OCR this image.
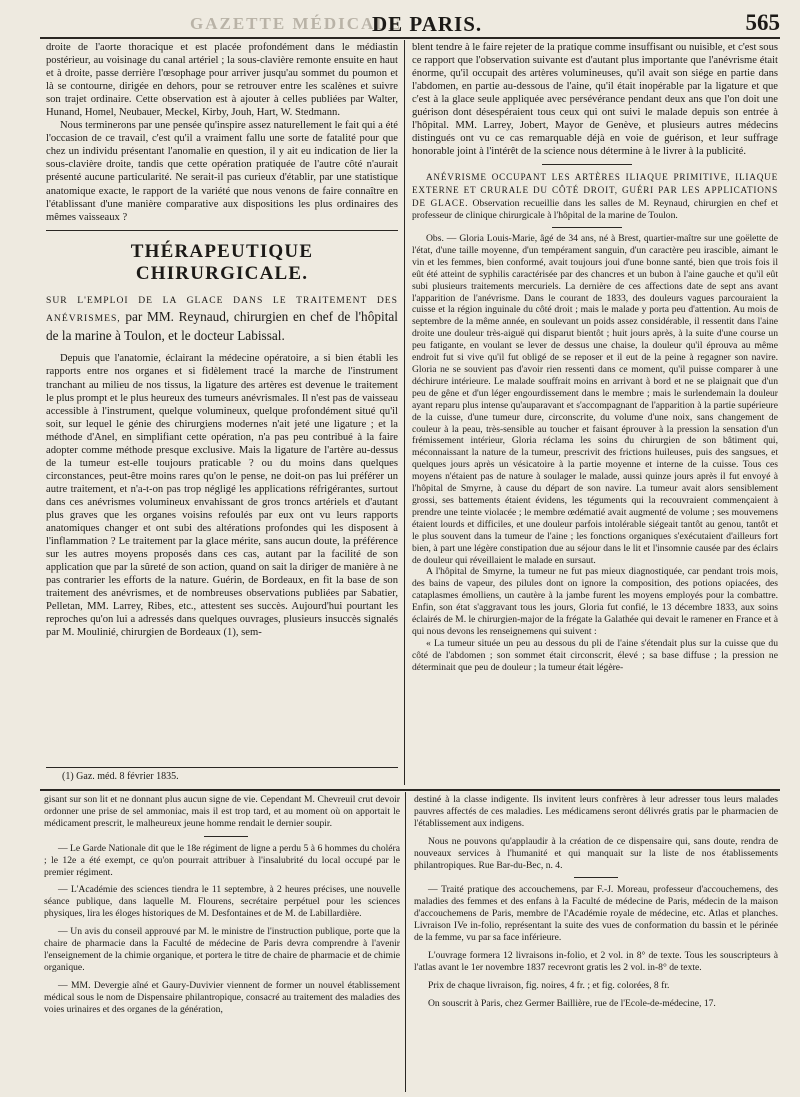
GAZETTE MÉDICALE
DE PARIS.	565

droite de l'aorte thoracique et est placée profondément dans le médiastin postérieur, au voisinage du canal artériel ; la sous-clavière remonte ensuite en haut et à droite, passe derrière l'œsophage pour arriver jusqu'au sommet du poumon et là se contourne, dirigée en dehors, pour se retrouver entre les scalènes et suivre son trajet ordinaire. Cette observation est à ajouter à celles publiées par Walter, Hunand, Homel, Neubauer, Meckel, Kirby, Jouh, Hart, W. Stedmann.

Nous terminerons par une pensée qu'inspire assez naturellement le fait qui a été l'occasion de ce travail, c'est qu'il a vraiment fallu une sorte de fatalité pour que chez un individu présentant l'anomalie en question, il y ait eu indication de lier la sous-clavière droite, tandis que cette opération pratiquée de l'autre côté n'aurait présenté aucune particularité. Ne serait-il pas curieux d'établir, par une statistique anatomique exacte, le rapport de la variété que nous venons de faire connaître en l'établissant d'une manière comparative aux dispositions les plus ordinaires des mêmes vaisseaux ?

THÉRAPEUTIQUE CHIRURGICALE.
SUR L'EMPLOI DE LA GLACE DANS LE TRAITEMENT DES ANÉVRISMES, par MM. Reynaud, chirurgien en chef de l'hôpital de la marine à Toulon, et le docteur Labissal.

Depuis que l'anatomie, éclairant la médecine opératoire, a si bien établi les rapports entre nos organes et si fidèlement tracé la marche de l'instrument tranchant au milieu de nos tissus, la ligature des artères est devenue le traitement le plus prompt et le plus heureux des tumeurs anévrismales. Il n'est pas de vaisseau accessible à l'instrument, quelque volumineux, quelque profondément situé qu'il soit, sur lequel le génie des chirurgiens modernes n'ait jeté une ligature ; et la méthode d'Anel, en simplifiant cette opération, n'a pas peu contribué à la faire adopter comme méthode presque exclusive. Mais la ligature de l'artère au-dessus de la tumeur est-elle toujours praticable ? ou du moins dans quelques circonstances, peut-être moins rares qu'on le pense, ne doit-on pas lui préférer un autre traitement, et n'a-t-on pas trop négligé les applications réfrigérantes, surtout dans ces anévrismes volumineux envahissant de gros troncs artériels et d'autant plus graves que les organes voisins refoulés par eux ont vu leurs rapports anatomiques changer et ont subi des altérations profondes qui les disposent à l'inflammation ? Le traitement par la glace mérite, sans aucun doute, la préférence sur les autres moyens proposés dans ces cas, autant par la facilité de son application que par la sûreté de son action, quand on sait la diriger de manière à ne pas contrarier les efforts de la nature. Guérin, de Bordeaux, en fit la base de son traitement des anévrismes, et de nombreuses observations publiées par Sabatier, Pelletan, MM. Larrey, Ribes, etc., attestent ses succès. Aujourd'hui pourtant les reproches qu'on lui a adressés dans quelques ouvrages, plusieurs insuccès signalés par M. Moulinié, chirurgien de Bordeaux (1), sem-

(1) Gaz. méd. 8 février 1835.

blent tendre à le faire rejeter de la pratique comme insuffisant ou nuisible, et c'est sous ce rapport que l'observation suivante est d'autant plus importante que l'anévrisme était énorme, qu'il occupait des artères volumineuses, qu'il avait son siége en partie dans l'abdomen, en partie au-dessous de l'aine, qu'il était inopérable par la ligature et que c'est à la glace seule appliquée avec persévérance pendant deux ans que l'on doit une guérison dont désespéraient tous ceux qui ont suivi le malade depuis son entrée à l'hôpital. MM. Larrey, Jobert, Mayor de Genève, et plusieurs autres médecins distingués ont vu ce cas remarquable déjà en voie de guérison, et leur suffrage honorable joint à l'intérêt de la science nous détermine à le livrer à la publicité.

ANÉVRISME OCCUPANT LES ARTÈRES ILIAQUE PRIMITIVE, ILIAQUE EXTERNE ET CRURALE DU CÔTÉ DROIT, GUÉRI PAR LES APPLICATIONS DE GLACE. Observation recueillie dans les salles de M. Reynaud, chirurgien en chef et professeur de clinique chirurgicale à l'hôpital de la marine de Toulon.

Obs. — Gloria Louis-Marie, âgé de 34 ans, né à Brest, quartier-maître sur une goëlette de l'état, d'une taille moyenne, d'un tempérament sanguin, d'un caractère peu irascible, aimant le vin et les femmes, bien conformé, avait toujours joui d'une bonne santé, bien que trois fois il eût été atteint de syphilis caractérisée par des chancres et un bubon à l'aine gauche et qu'il eût subi plusieurs traitements mercuriels. La dernière de ces affections date de sept ans avant l'apparition de l'anévrisme. Dans le courant de 1833, des douleurs vagues parcouraient la cuisse et la région inguinale du côté droit ; mais le malade y porta peu d'attention. Au mois de septembre de la même année, en soulevant un poids assez considérable, il ressentit dans l'aine droite une douleur très-aiguë qui disparut bientôt ; huit jours après, à la suite d'une course un peu fatigante, en voulant se lever de dessus une chaise, la douleur qu'il éprouva au même endroit fut si vive qu'il fut obligé de se reposer et il eut de la peine à regagner son navire. Gloria ne se souvient pas d'avoir rien ressenti dans ce moment, qu'il puisse comparer à une déchirure intérieure. Le malade souffrait moins en arrivant à bord et ne se plaignait que d'un peu de gêne et d'un léger engourdissement dans le membre ; mais le surlendemain la douleur ayant reparu plus intense qu'auparavant et s'accompagnant de l'apparition à la partie supérieure de la cuisse, d'une tumeur dure, circonscrite, du volume d'une noix, sans changement de couleur à la peau, très-sensible au toucher et faisant éprouver à la pression la sensation d'un frémissement intérieur, Gloria réclama les soins du chirurgien de son bâtiment qui, méconnaissant la nature de la tumeur, prescrivit des frictions huileuses, puis des sangsues, et quelques jours après un vésicatoire à la partie moyenne et interne de la cuisse. Tous ces moyens n'étaient pas de nature à soulager le malade, aussi quinze jours après il fut envoyé à l'hôpital de Smyrne, à cause du départ de son navire. La tumeur avait alors sensiblement grossi, ses battements étaient évidens, les téguments qui la recouvraient commençaient à prendre une teinte violacée ; le membre œdématié avait augmenté de volume ; ses mouvemens étaient lourds et difficiles, et une douleur parfois intolérable siégeait tantôt au genou, tantôt et le plus souvent dans la tumeur de l'aine ; les fonctions organiques s'exécutaient d'ailleurs fort bien, à part une légère constipation due au séjour dans le lit et l'insomnie causée par des éclairs de douleur qui réveillaient le malade en sursaut.

A l'hôpital de Smyrne, la tumeur ne fut pas mieux diagnostiquée, car pendant trois mois, des bains de vapeur, des pilules dont on ignore la composition, des potions opiacées, des cataplasmes émolliens, un cautère à la jambe furent les moyens employés pour la combattre. Enfin, son état s'aggravant tous les jours, Gloria fut confié, le 13 décembre 1833, aux soins éclairés de M. le chirurgien-major de la frégate la Galathée qui devait le ramener en France et à qui nous devons les renseignemens qui suivent :

« La tumeur située un peu au dessous du pli de l'aine s'étendait plus sur la cuisse que du côté de l'abdomen ; son sommet était circonscrit, élevé ; sa base diffuse ; la pression ne déterminait que peu de douleur ; la tumeur était légère-

gisant sur son lit et ne donnant plus aucun signe de vie. Cependant M. Chevreuil crut devoir ordonner une prise de sel ammoniac, mais il est trop tard, et au moment où on apportait le médicament prescrit, le malheureux jeune homme rendait le dernier soupir.

— Le Garde Nationale dit que le 18e régiment de ligne a perdu 5 à 6 hommes du choléra ; le 12e a été exempt, ce qu'on pourrait attribuer à l'insalubrité du local occupé par le premier régiment.

— L'Académie des sciences tiendra le 11 septembre, à 2 heures précises, une nouvelle séance publique, dans laquelle M. Flourens, secrétaire perpétuel pour les sciences physiques, lira les éloges historiques de M. Desfontaines et de M. de Labillardière.

— Un avis du conseil approuvé par M. le ministre de l'instruction publique, porte que la chaire de pharmacie dans la Faculté de médecine de Paris devra comprendre à l'avenir l'enseignement de la chimie organique, et portera le titre de chaire de pharmacie et de chimie organique.

— MM. Devergie aîné et Gaury-Duvivier viennent de former un nouvel établissement médical sous le nom de Dispensaire philantropique, consacré au traitement des maladies des voies urinaires et des organes de la génération,

destiné à la classe indigente. Ils invitent leurs confrères à leur adresser tous leurs malades pauvres affectés de ces maladies. Les médicamens seront délivrés gratis par le pharmacien de l'établissement aux indigens.

Nous ne pouvons qu'applaudir à la création de ce dispensaire qui, sans doute, rendra de nouveaux services à l'humanité et qui manquait sur la liste de nos établissements philantropiques. Rue Bar-du-Bec, n. 4.

— Traité pratique des accouchemens, par F.-J. Moreau, professeur d'accouchemens, des maladies des femmes et des enfans à la Faculté de médecine de Paris, médecin de la maison d'accouchemens de Paris, membre de l'Académie royale de médecine, etc. Atlas et planches. Livraison IVe in-folio, représentant la suite des vues de conformation du bassin et le périnée de la femme, vu par sa face inférieure.

L'ouvrage formera 12 livraisons in-folio, et 2 vol. in 8° de texte. Tous les souscripteurs à l'atlas avant le 1er novembre 1837 recevront gratis les 2 vol. in-8° de texte.

Prix de chaque livraison, fig. noires, 4 fr. ; et fig. colorées, 8 fr.

On souscrit à Paris, chez Germer Baillière, rue de l'Ecole-de-médecine, 17.
